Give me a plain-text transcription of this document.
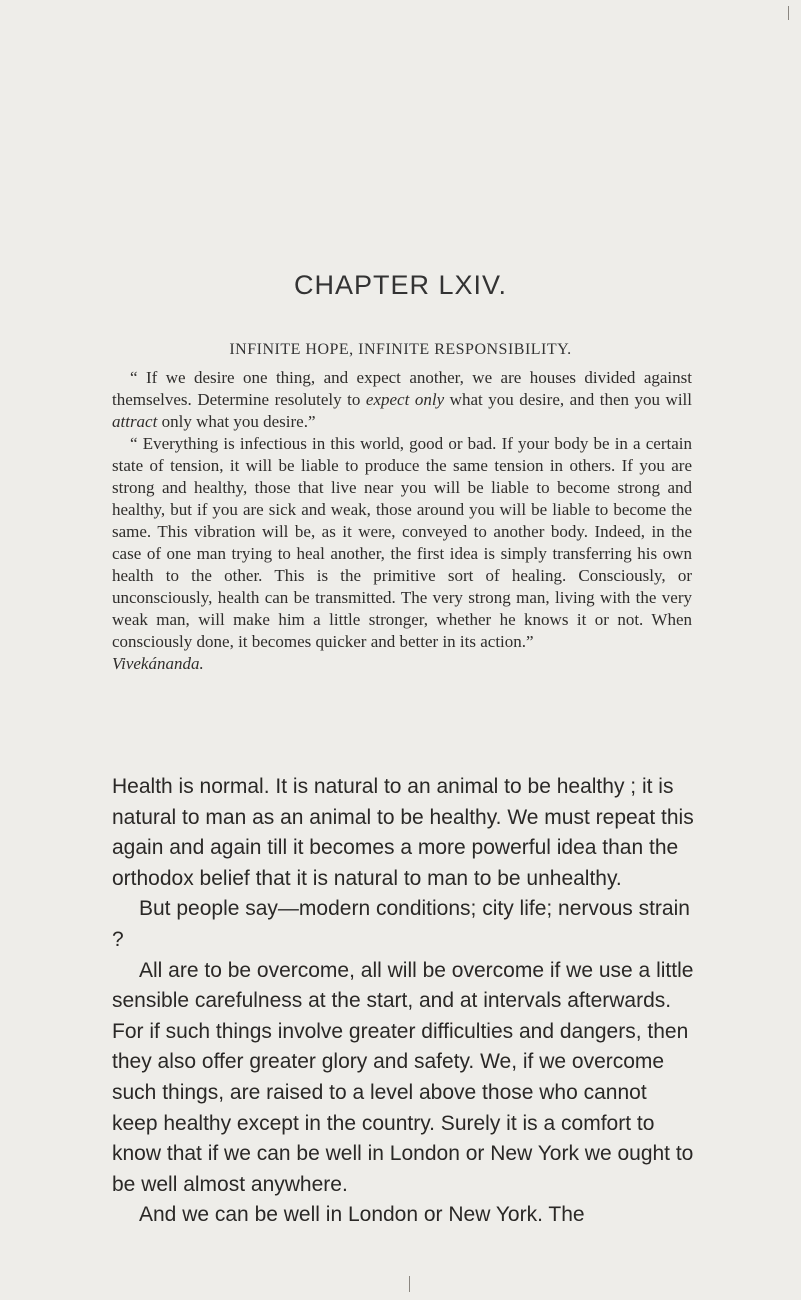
CHAPTER LXIV.
INFINITE HOPE, INFINITE RESPONSIBILITY.

“ If we desire one thing, and expect another, we are houses divided against themselves. Determine resolutely to expect only what you desire, and then you will attract only what you desire.”

“ Everything is infectious in this world, good or bad. If your body be in a certain state of tension, it will be liable to produce the same tension in others. If you are strong and healthy, those that live near you will be liable to become strong and healthy, but if you are sick and weak, those around you will be liable to become the same. This vibration will be, as it were, conveyed to another body. Indeed, in the case of one man trying to heal another, the first idea is simply transferring his own health to the other. This is the primitive sort of healing. Consciously, or unconsciously, health can be transmitted. The very strong man, living with the very weak man, will make him a little stronger, whether he knows it or not. When consciously done, it becomes quicker and better in its action.”

Vivekánanda.

Health is normal. It is natural to an animal to be healthy ; it is natural to man as an animal to be healthy. We must repeat this again and again till it becomes a more powerful idea than the orthodox belief that it is natural to man to be unhealthy.

But people say—modern conditions; city life; nervous strain ?

All are to be overcome, all will be overcome if we use a little sensible carefulness at the start, and at intervals afterwards. For if such things involve greater difficulties and dangers, then they also offer greater glory and safety. We, if we overcome such things, are raised to a level above those who cannot keep healthy except in the country. Surely it is a comfort to know that if we can be well in London or New York we ought to be well almost anywhere.

And we can be well in London or New York. The
